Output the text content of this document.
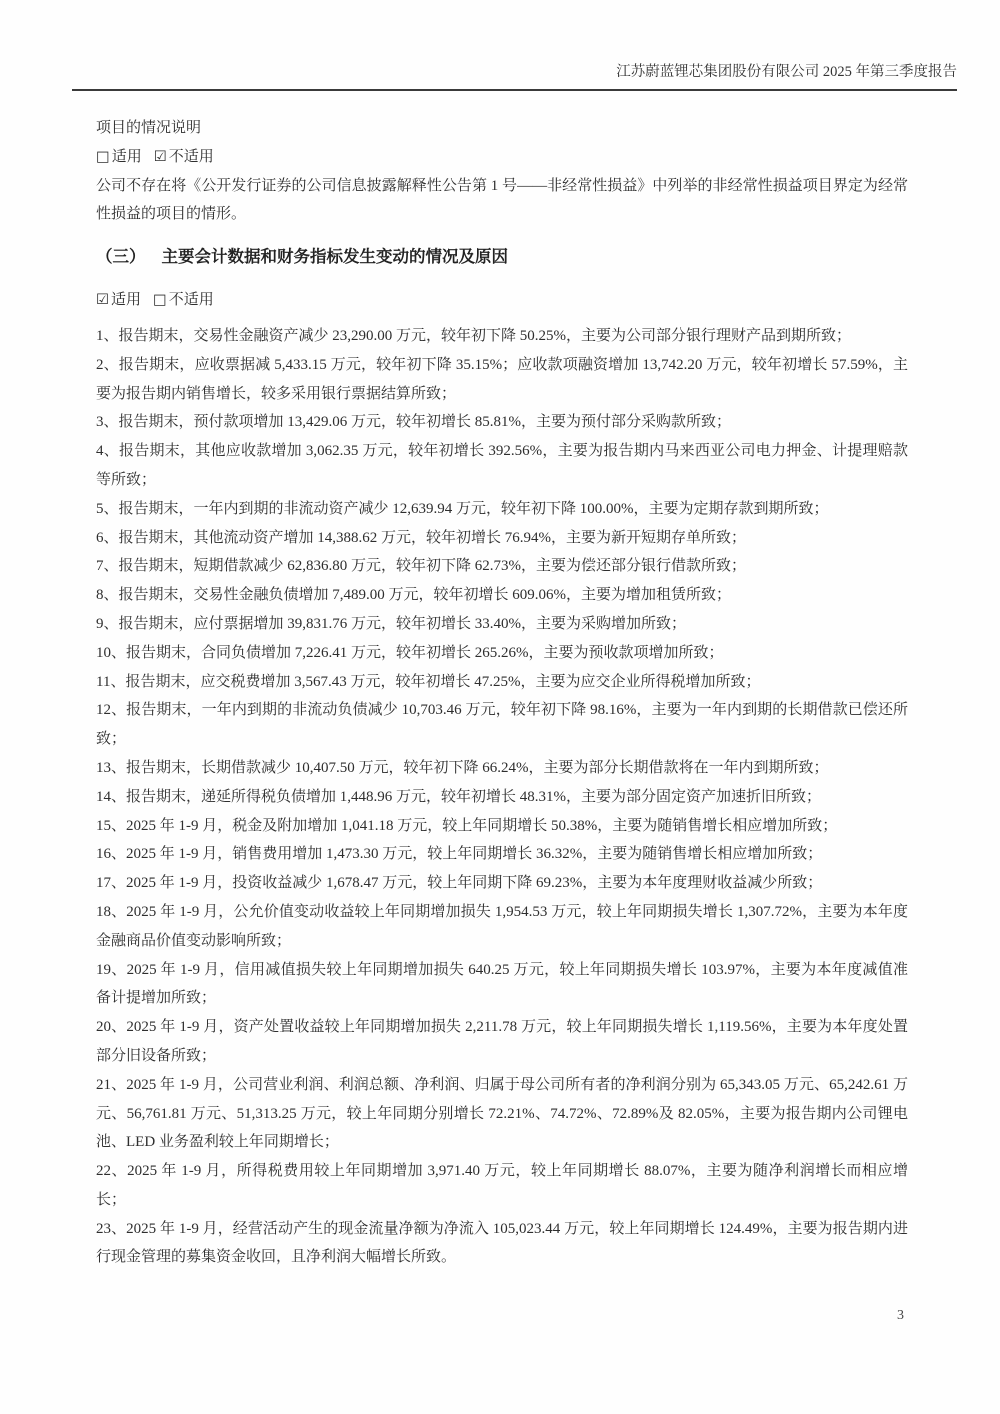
江苏蔚蓝锂芯集团股份有限公司 2025 年第三季度报告

项目的情况说明

□ 适用 ☑ 不适用

公司不存在将《公开发行证券的公司信息披露解释性公告第 1 号——非经常性损益》中列举的非经常性损益项目界定为经常性损益的项目的情形。

（三） 主要会计数据和财务指标发生变动的情况及原因

☑ 适用 □ 不适用

1、报告期末，交易性金融资产减少 23,290.00 万元，较年初下降 50.25%，主要为公司部分银行理财产品到期所致；

2、报告期末，应收票据减 5,433.15 万元，较年初下降 35.15%；应收款项融资增加 13,742.20 万元，较年初增长 57.59%，主要为报告期内销售增长，较多采用银行票据结算所致；

3、报告期末，预付款项增加 13,429.06 万元，较年初增长 85.81%，主要为预付部分采购款所致；

4、报告期末，其他应收款增加 3,062.35 万元，较年初增长 392.56%，主要为报告期内马来西亚公司电力押金、计提理赔款等所致；

5、报告期末，一年内到期的非流动资产减少 12,639.94 万元，较年初下降 100.00%，主要为定期存款到期所致；

6、报告期末，其他流动资产增加 14,388.62 万元，较年初增长 76.94%，主要为新开短期存单所致；

7、报告期末，短期借款减少 62,836.80 万元，较年初下降 62.73%，主要为偿还部分银行借款所致；

8、报告期末，交易性金融负债增加 7,489.00 万元，较年初增长 609.06%，主要为增加租赁所致；

9、报告期末，应付票据增加 39,831.76 万元，较年初增长 33.40%，主要为采购增加所致；

10、报告期末，合同负债增加 7,226.41 万元，较年初增长 265.26%，主要为预收款项增加所致；

11、报告期末，应交税费增加 3,567.43 万元，较年初增长 47.25%，主要为应交企业所得税增加所致；

12、报告期末，一年内到期的非流动负债减少 10,703.46 万元，较年初下降 98.16%，主要为一年内到期的长期借款已偿还所致；

13、报告期末，长期借款减少 10,407.50 万元，较年初下降 66.24%，主要为部分长期借款将在一年内到期所致；

14、报告期末，递延所得税负债增加 1,448.96 万元，较年初增长 48.31%，主要为部分固定资产加速折旧所致；

15、2025 年 1-9 月，税金及附加增加 1,041.18 万元，较上年同期增长 50.38%，主要为随销售增长相应增加所致；

16、2025 年 1-9 月，销售费用增加 1,473.30 万元，较上年同期增长 36.32%，主要为随销售增长相应增加所致；

17、2025 年 1-9 月，投资收益减少 1,678.47 万元，较上年同期下降 69.23%，主要为本年度理财收益减少所致；

18、2025 年 1-9 月，公允价值变动收益较上年同期增加损失 1,954.53 万元，较上年同期损失增长 1,307.72%，主要为本年度金融商品价值变动影响所致；

19、2025 年 1-9 月，信用减值损失较上年同期增加损失 640.25 万元，较上年同期损失增长 103.97%，主要为本年度减值准备计提增加所致；

20、2025 年 1-9 月，资产处置收益较上年同期增加损失 2,211.78 万元，较上年同期损失增长 1,119.56%，主要为本年度处置部分旧设备所致；

21、2025 年 1-9 月，公司营业利润、利润总额、净利润、归属于母公司所有者的净利润分别为 65,343.05 万元、65,242.61 万元、56,761.81 万元、51,313.25 万元，较上年同期分别增长 72.21%、74.72%、72.89%及 82.05%，主要为报告期内公司锂电池、LED 业务盈利较上年同期增长；

22、2025 年 1-9 月，所得税费用较上年同期增加 3,971.40 万元，较上年同期增长 88.07%，主要为随净利润增长而相应增长；

23、2025 年 1-9 月，经营活动产生的现金流量净额为净流入 105,023.44 万元，较上年同期增长 124.49%，主要为报告期内进行现金管理的募集资金收回，且净利润大幅增长所致。

3
